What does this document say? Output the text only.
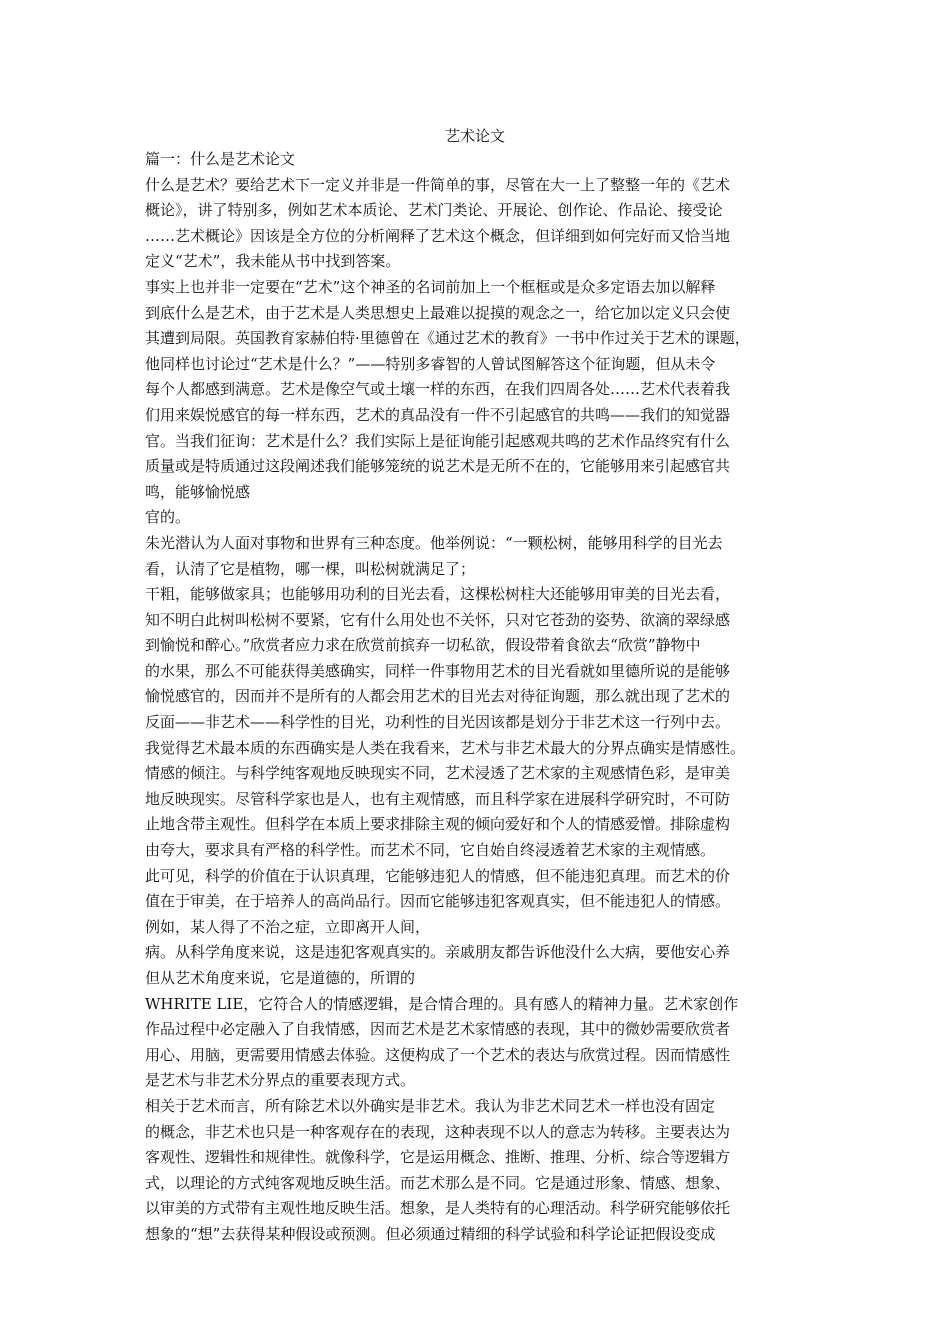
艺术论文
篇一：什么是艺术论文
什么是艺术？要给艺术下一定义并非是一件简单的事，尽管在大一上了整整一年的《艺术
概论》，讲了特别多，例如艺术本质论、艺术门类论、开展论、创作论、作品论、接受论
……艺术概论》因该是全方位的分析阐释了艺术这个概念，但详细到如何完好而又恰当地
定义“艺术”，我未能从书中找到答案。
事实上也并非一定要在“艺术”这个神圣的名词前加上一个框框或是众多定语去加以解释
到底什么是艺术，由于艺术是人类思想史上最难以捉摸的观念之一，给它加以定义只会使
其遭到局限。英国教育家赫伯特·里德曾在《通过艺术的教育》一书中作过关于艺术的课题，
他同样也讨论过“艺术是什么？”——特别多睿智的人曾试图解答这个征询题，但从未令
每个人都感到满意。艺术是像空气或土壤一样的东西，在我们四周各处……艺术代表着我
们用来娱悦感官的每一样东西，艺术的真品没有一件不引起感官的共鸣——我们的知觉器
官。当我们征询：艺术是什么？我们实际上是征询能引起感观共鸣的艺术作品终究有什么
质量或是特质通过这段阐述我们能够笼统的说艺术是无所不在的，它能够用来引起感官共
鸣，能够愉悦感
官的。
朱光潜认为人面对事物和世界有三种态度。他举例说：“一颗松树，能够用科学的目光去
看，认清了它是植物，哪一棵，叫松树就满足了；
干粗，能够做家具；也能够用功利的目光去看，这棵松树柱大还能够用审美的目光去看，
知不明白此树叫松树不要紧，它有什么用处也不关怀，只对它苍劲的姿势、欲滴的翠绿感
到愉悦和醉心。”欣赏者应力求在欣赏前摈弃一切私欲，假设带着食欲去“欣赏”静物中
的水果，那么不可能获得美感确实，同样一件事物用艺术的目光看就如里德所说的是能够
愉悦感官的，因而并不是所有的人都会用艺术的目光去对待征询题，那么就出现了艺术的
反面——非艺术——科学性的目光，功利性的目光因该都是划分于非艺术这一行列中去。
我觉得艺术最本质的东西确实是人类在我看来，艺术与非艺术最大的分界点确实是情感性。
情感的倾注。与科学纯客观地反映现实不同，艺术浸透了艺术家的主观感情色彩，是审美
地反映现实。尽管科学家也是人，也有主观情感，而且科学家在进展科学研究时，不可防
止地含带主观性。但科学在本质上要求排除主观的倾向爱好和个人的情感爱憎。排除虚构
由夸大，要求具有严格的科学性。而艺术不同，它自始自终浸透着艺术家的主观情感。
此可见，科学的价值在于认识真理，它能够违犯人的情感，但不能违犯真理。而艺术的价
值在于审美，在于培养人的高尚品行。因而它能够违犯客观真实，但不能违犯人的情感。
例如，某人得了不治之症，立即离开人间，
病。从科学角度来说，这是违犯客观真实的。亲戚朋友都告诉他没什么大病，要他安心养
但从艺术角度来说，它是道德的，所谓的
WHRITE LIE，它符合人的情感逻辑，是合情合理的。具有感人的精神力量。艺术家创作
作品过程中必定融入了自我情感，因而艺术是艺术家情感的表现，其中的微妙需要欣赏者
用心、用脑，更需要用情感去体验。这便构成了一个艺术的表达与欣赏过程。因而情感性
是艺术与非艺术分界点的重要表现方式。
相关于艺术而言，所有除艺术以外确实是非艺术。我认为非艺术同艺术一样也没有固定
的概念，非艺术也只是一种客观存在的表现，这种表现不以人的意志为转移。主要表达为
客观性、逻辑性和规律性。就像科学，它是运用概念、推断、推理、分析、综合等逻辑方
式，以理论的方式纯客观地反映生活。而艺术那么是不同。它是通过形象、情感、想象、
以审美的方式带有主观性地反映生活。想象，是人类特有的心理活动。科学研究能够依托
想象的“想”去获得某种假设或预测。但必须通过精细的科学试验和科学论证把假设变成
